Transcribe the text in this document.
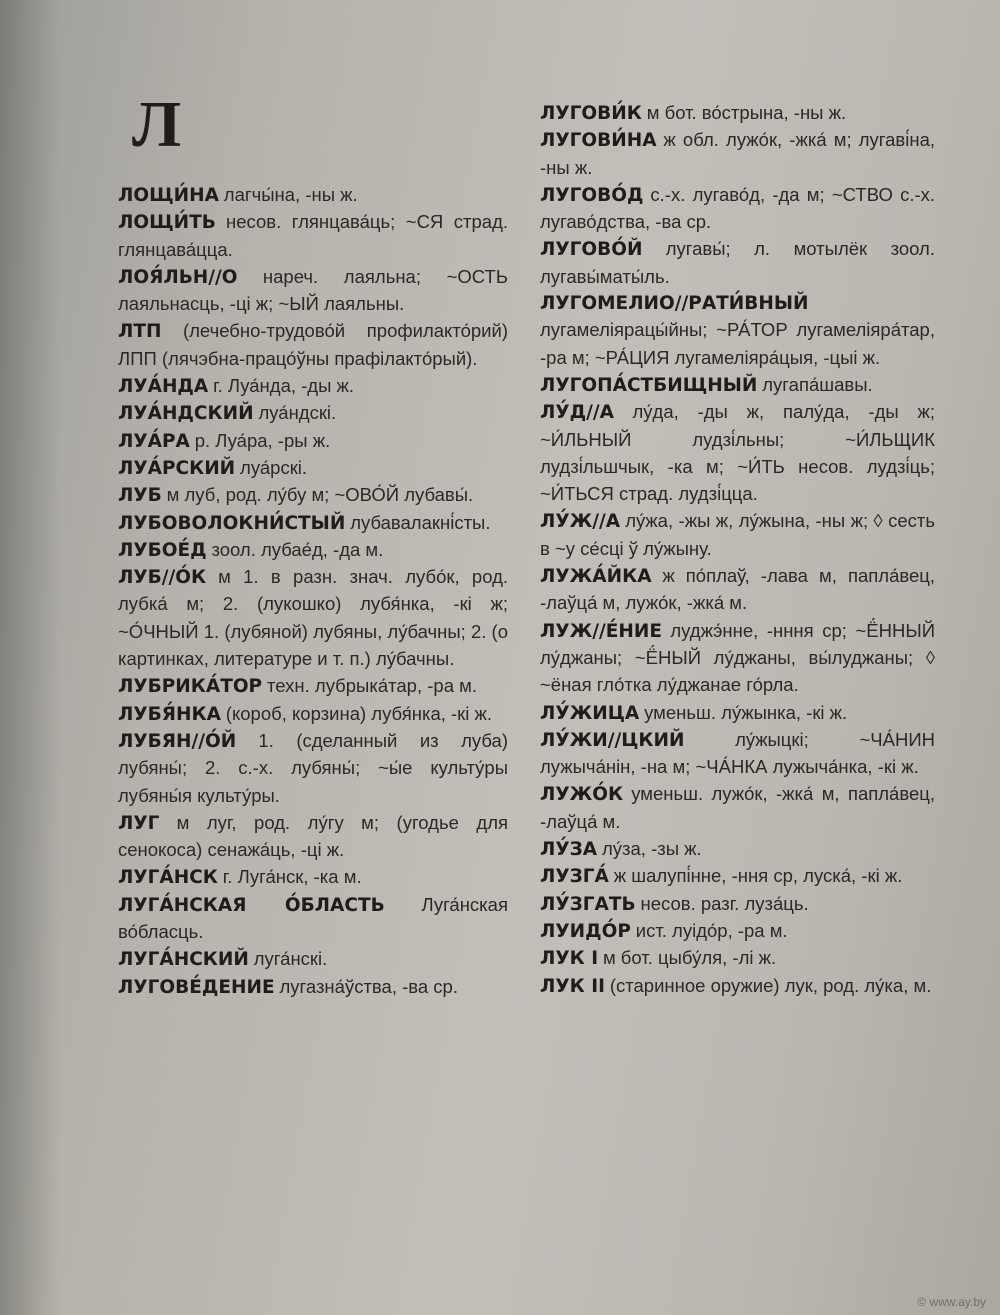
Л

ЛОЩИ́НА лагчы́на, -ны ж.

ЛОЩИ́ТЬ несов. глянцава́ць; ~СЯ страд. глянцава́цца.

ЛОЯ́ЛЬН//О нареч. лаяльна; ~ОСТЬ лаяльнасць, -ці ж; ~ЫЙ лаяльны.

ЛТП (лечебно-трудово́й профилакто́рий) ЛПП (лячэбна-працо́ўны прафілакто́рый).

ЛУА́НДА г. Луа́нда, -ды ж.

ЛУА́НДСКИЙ луа́ндскі.

ЛУА́РА р. Луа́ра, -ры ж.

ЛУА́РСКИЙ луа́рскі.

ЛУБ м луб, род. лу́бу м; ~ОВО́Й лубавы́.

ЛУБОВОЛОКНИ́СТЫЙ лубавалакні́сты.

ЛУБОЕ́Д зоол. лубае́д, -да м.

ЛУБ//О́К м 1. в разн. знач. лубо́к, род. лубка́ м; 2. (лукошко) лубя́нка, -кі ж; ~О́ЧНЫЙ 1. (лубяной) лубяны, лу́бачны; 2. (о картинках, литературе и т. п.) лу́бачны.

ЛУБРИКА́ТОР техн. лубрыка́тар, -ра м.

ЛУБЯ́НКА (короб, корзина) лубя́нка, -кі ж.

ЛУБЯН//О́Й 1. (сделанный из луба) лубяны́; 2. с.-х. лубяны́; ~ы́е культу́ры лубяны́я культу́ры.

ЛУГ м луг, род. лу́гу м; (угодье для сенокоса) сенажа́ць, -ці ж.

ЛУГА́НСК г. Луга́нск, -ка м.

ЛУГА́НСКАЯ О́БЛАСТЬ Луга́нская во́бласць.

ЛУГА́НСКИЙ луга́нскі.

ЛУГОВЕ́ДЕНИЕ лугазна́ўства, -ва ср.

ЛУГОВИ́К м бот. во́стрына, -ны ж.

ЛУГОВИ́НА ж обл. лужо́к, -жка́ м; лугаві́на, -ны ж.

ЛУГОВО́Д с.-х. лугаво́д, -да м; ~СТВО с.-х. лугаво́дства, -ва ср.

ЛУГОВО́Й лугавы́; л. мотылёк зоол. лугавы́маты́ль.

ЛУГОМЕЛИО//РАТИ́ВНЫЙ лугамеліярацы́йны; ~РА́ТОР лугамеліяра́тар, -ра м; ~РА́ЦИЯ лугамеліяра́цыя, -цыі ж.

ЛУГОПА́СТБИЩНЫЙ лугапа́шавы.

ЛУ́Д//А лу́да, -ды ж, палу́да, -ды ж; ~И́ЛЬНЫЙ лудзі́льны; ~И́ЛЬЩИК лудзі́льшчык, -ка м; ~И́ТЬ несов. лудзі́ць; ~И́ТЬСЯ страд. лудзі́цца.

ЛУ́Ж//А лу́жа, -жы ж, лу́жына, -ны ж; ◊ сесть в ~у се́сці ў лу́жыну.

ЛУЖА́ЙКА ж по́плаў, -лава м, папла́вец, -лаўца́ м, лужо́к, -жка́ м.

ЛУЖ//Е́НИЕ луджэ́нне, -нння ср; ~Ё́ННЫЙ лу́джаны; ~Ё́НЫЙ лу́джаны, вы́луджаны; ◊ ~ёная гло́тка лу́джанае го́рла.

ЛУ́ЖИЦА уменьш. лу́жынка, -кі ж.

ЛУ́ЖИ//ЦКИЙ	лу́жыцкі; ~ЧА́НИН лужыча́нін, -на м; ~ЧА́НКА лужыча́нка, -кі ж.

ЛУЖО́К уменьш. лужо́к, -жка́ м, папла́вец, -лаўца́ м.

ЛУ́ЗА лу́за, -зы ж.

ЛУЗГА́ ж шалупі́нне, -ння ср, луска́, -кі ж.

ЛУ́ЗГАТЬ несов. разг. луза́ць.

ЛУИДО́Р ист. луідо́р, -ра м.

ЛУК I м бот. цыбу́ля, -лі ж.

ЛУК II (старинное оружие) лук, род. лу́ка, м.

© www.ay.by
